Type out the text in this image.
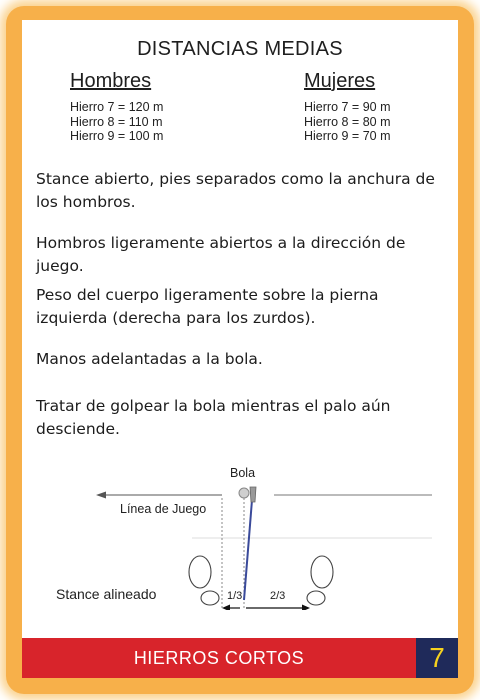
DISTANCIAS MEDIAS
Hombres
Hierro 7 = 120 m
Hierro 8 = 110 m
Hierro 9 = 100 m
Mujeres
Hierro 7 = 90 m
Hierro 8 = 80 m
Hierro 9 = 70 m
Stance abierto, pies separados como la anchura de los hombros.
Hombros ligeramente abiertos a la dirección de juego.
Peso del cuerpo ligeramente sobre la pierna izquierda (derecha para los zurdos).
Manos adelantadas a la bola.
Tratar de golpear la bola mientras el palo aún desciende.
Bola
Línea de Juego
Stance alineado	1/3	2/3
HIERROS CORTOS	7
